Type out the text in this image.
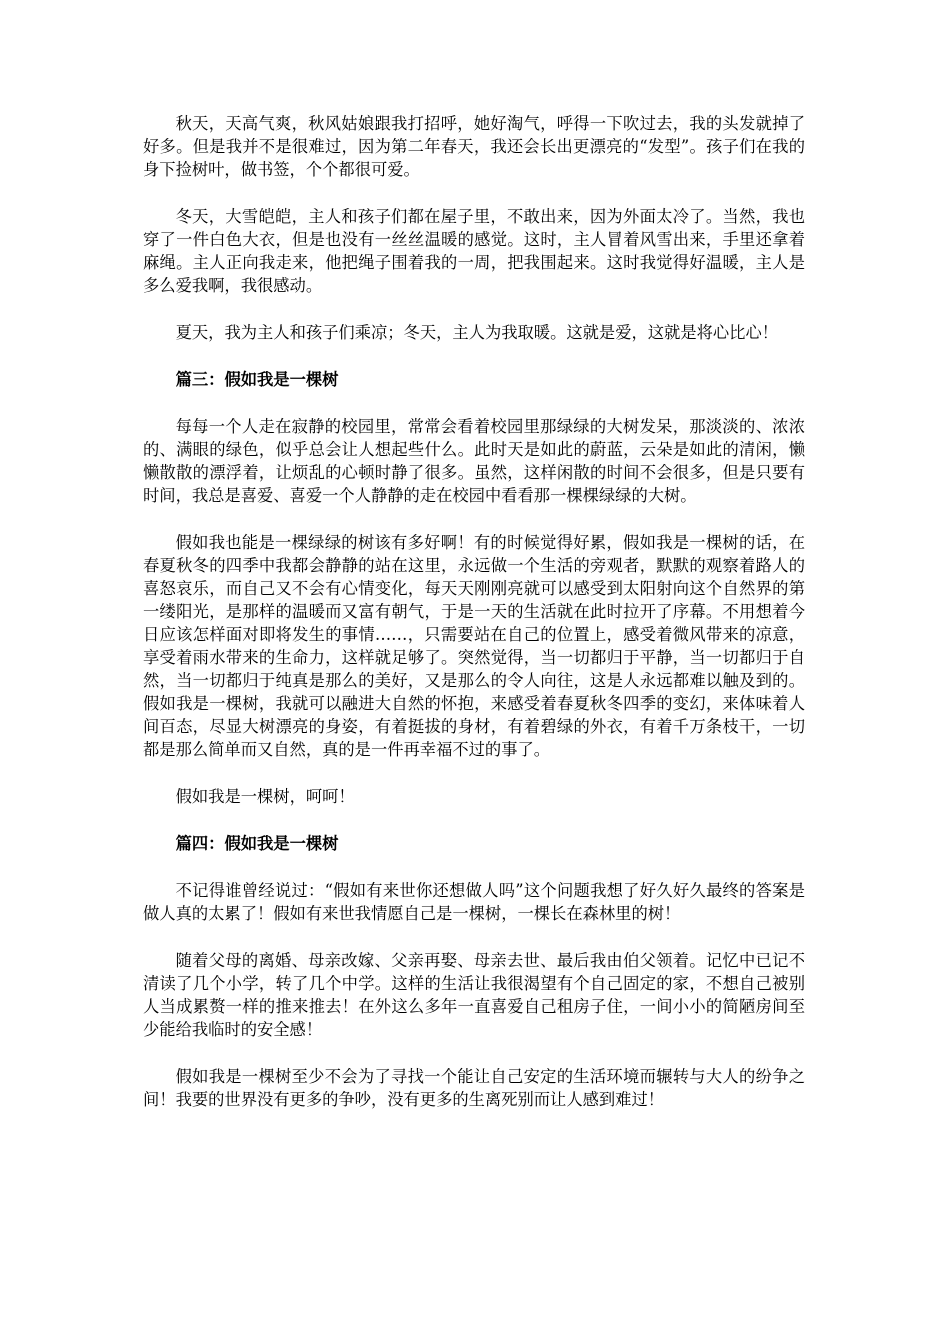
秋天，天高气爽，秋风姑娘跟我打招呼，她好淘气，呼得一下吹过去，我的头发就掉了好多。但是我并不是很难过，因为第二年春天，我还会长出更漂亮的“发型”。孩子们在我的身下捡树叶，做书签，个个都很可爱。

冬天，大雪皑皑，主人和孩子们都在屋子里，不敢出来，因为外面太冷了。当然，我也穿了一件白色大衣，但是也没有一丝丝温暖的感觉。这时，主人冒着风雪出来，手里还拿着麻绳。主人正向我走来，他把绳子围着我的一周，把我围起来。这时我觉得好温暖，主人是多么爱我啊，我很感动。

夏天，我为主人和孩子们乘凉；冬天，主人为我取暖。这就是爱，这就是将心比心！

篇三：假如我是一棵树

每每一个人走在寂静的校园里，常常会看着校园里那绿绿的大树发呆，那淡淡的、浓浓的、满眼的绿色，似乎总会让人想起些什么。此时天是如此的蔚蓝，云朵是如此的清闲，懒懒散散的漂浮着，让烦乱的心顿时静了很多。虽然，这样闲散的时间不会很多，但是只要有时间，我总是喜爱、喜爱一个人静静的走在校园中看看那一棵棵绿绿的大树。

假如我也能是一棵绿绿的树该有多好啊！有的时候觉得好累，假如我是一棵树的话，在春夏秋冬的四季中我都会静静的站在这里，永远做一个生活的旁观者，默默的观察着路人的喜怒哀乐，而自己又不会有心情变化，每天天刚刚亮就可以感受到太阳射向这个自然界的第一缕阳光，是那样的温暖而又富有朝气，于是一天的生活就在此时拉开了序幕。不用想着今日应该怎样面对即将发生的事情……，只需要站在自己的位置上，感受着微风带来的凉意，享受着雨水带来的生命力，这样就足够了。突然觉得，当一切都归于平静，当一切都归于自然，当一切都归于纯真是那么的美好，又是那么的令人向往，这是人永远都难以触及到的。假如我是一棵树，我就可以融进大自然的怀抱，来感受着春夏秋冬四季的变幻，来体味着人间百态，尽显大树漂亮的身姿，有着挺拔的身材，有着碧绿的外衣，有着千万条枝干，一切都是那么简单而又自然，真的是一件再幸福不过的事了。

假如我是一棵树，呵呵！

篇四：假如我是一棵树

不记得谁曾经说过：“假如有来世你还想做人吗”这个问题我想了好久好久最终的答案是做人真的太累了！假如有来世我情愿自己是一棵树，一棵长在森林里的树！

随着父母的离婚、母亲改嫁、父亲再娶、母亲去世、最后我由伯父领着。记忆中已记不清读了几个小学，转了几个中学。这样的生活让我很渴望有个自己固定的家，不想自己被别人当成累赘一样的推来推去！在外这么多年一直喜爱自己租房子住，一间小小的简陋房间至少能给我临时的安全感！

假如我是一棵树至少不会为了寻找一个能让自己安定的生活环境而辗转与大人的纷争之间！我要的世界没有更多的争吵，没有更多的生离死别而让人感到难过！
